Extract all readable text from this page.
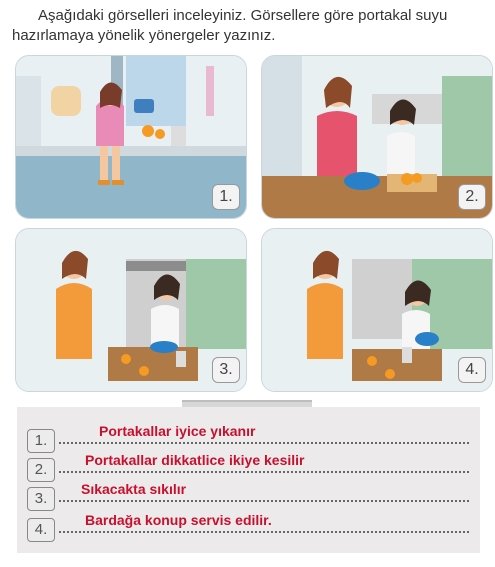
Aşağıdaki görselleri inceleyiniz. Görsellere göre portakal suyu hazırlamaya yönelik yönergeler yazınız.
1.	2.
3.	4.
1.
Portakallar iyice yıkanır
2.
Portakallar dikkatlice ikiye kesilir
3.
Sıkacakta sıkılır
4.
Bardağa konup servis edilir.
